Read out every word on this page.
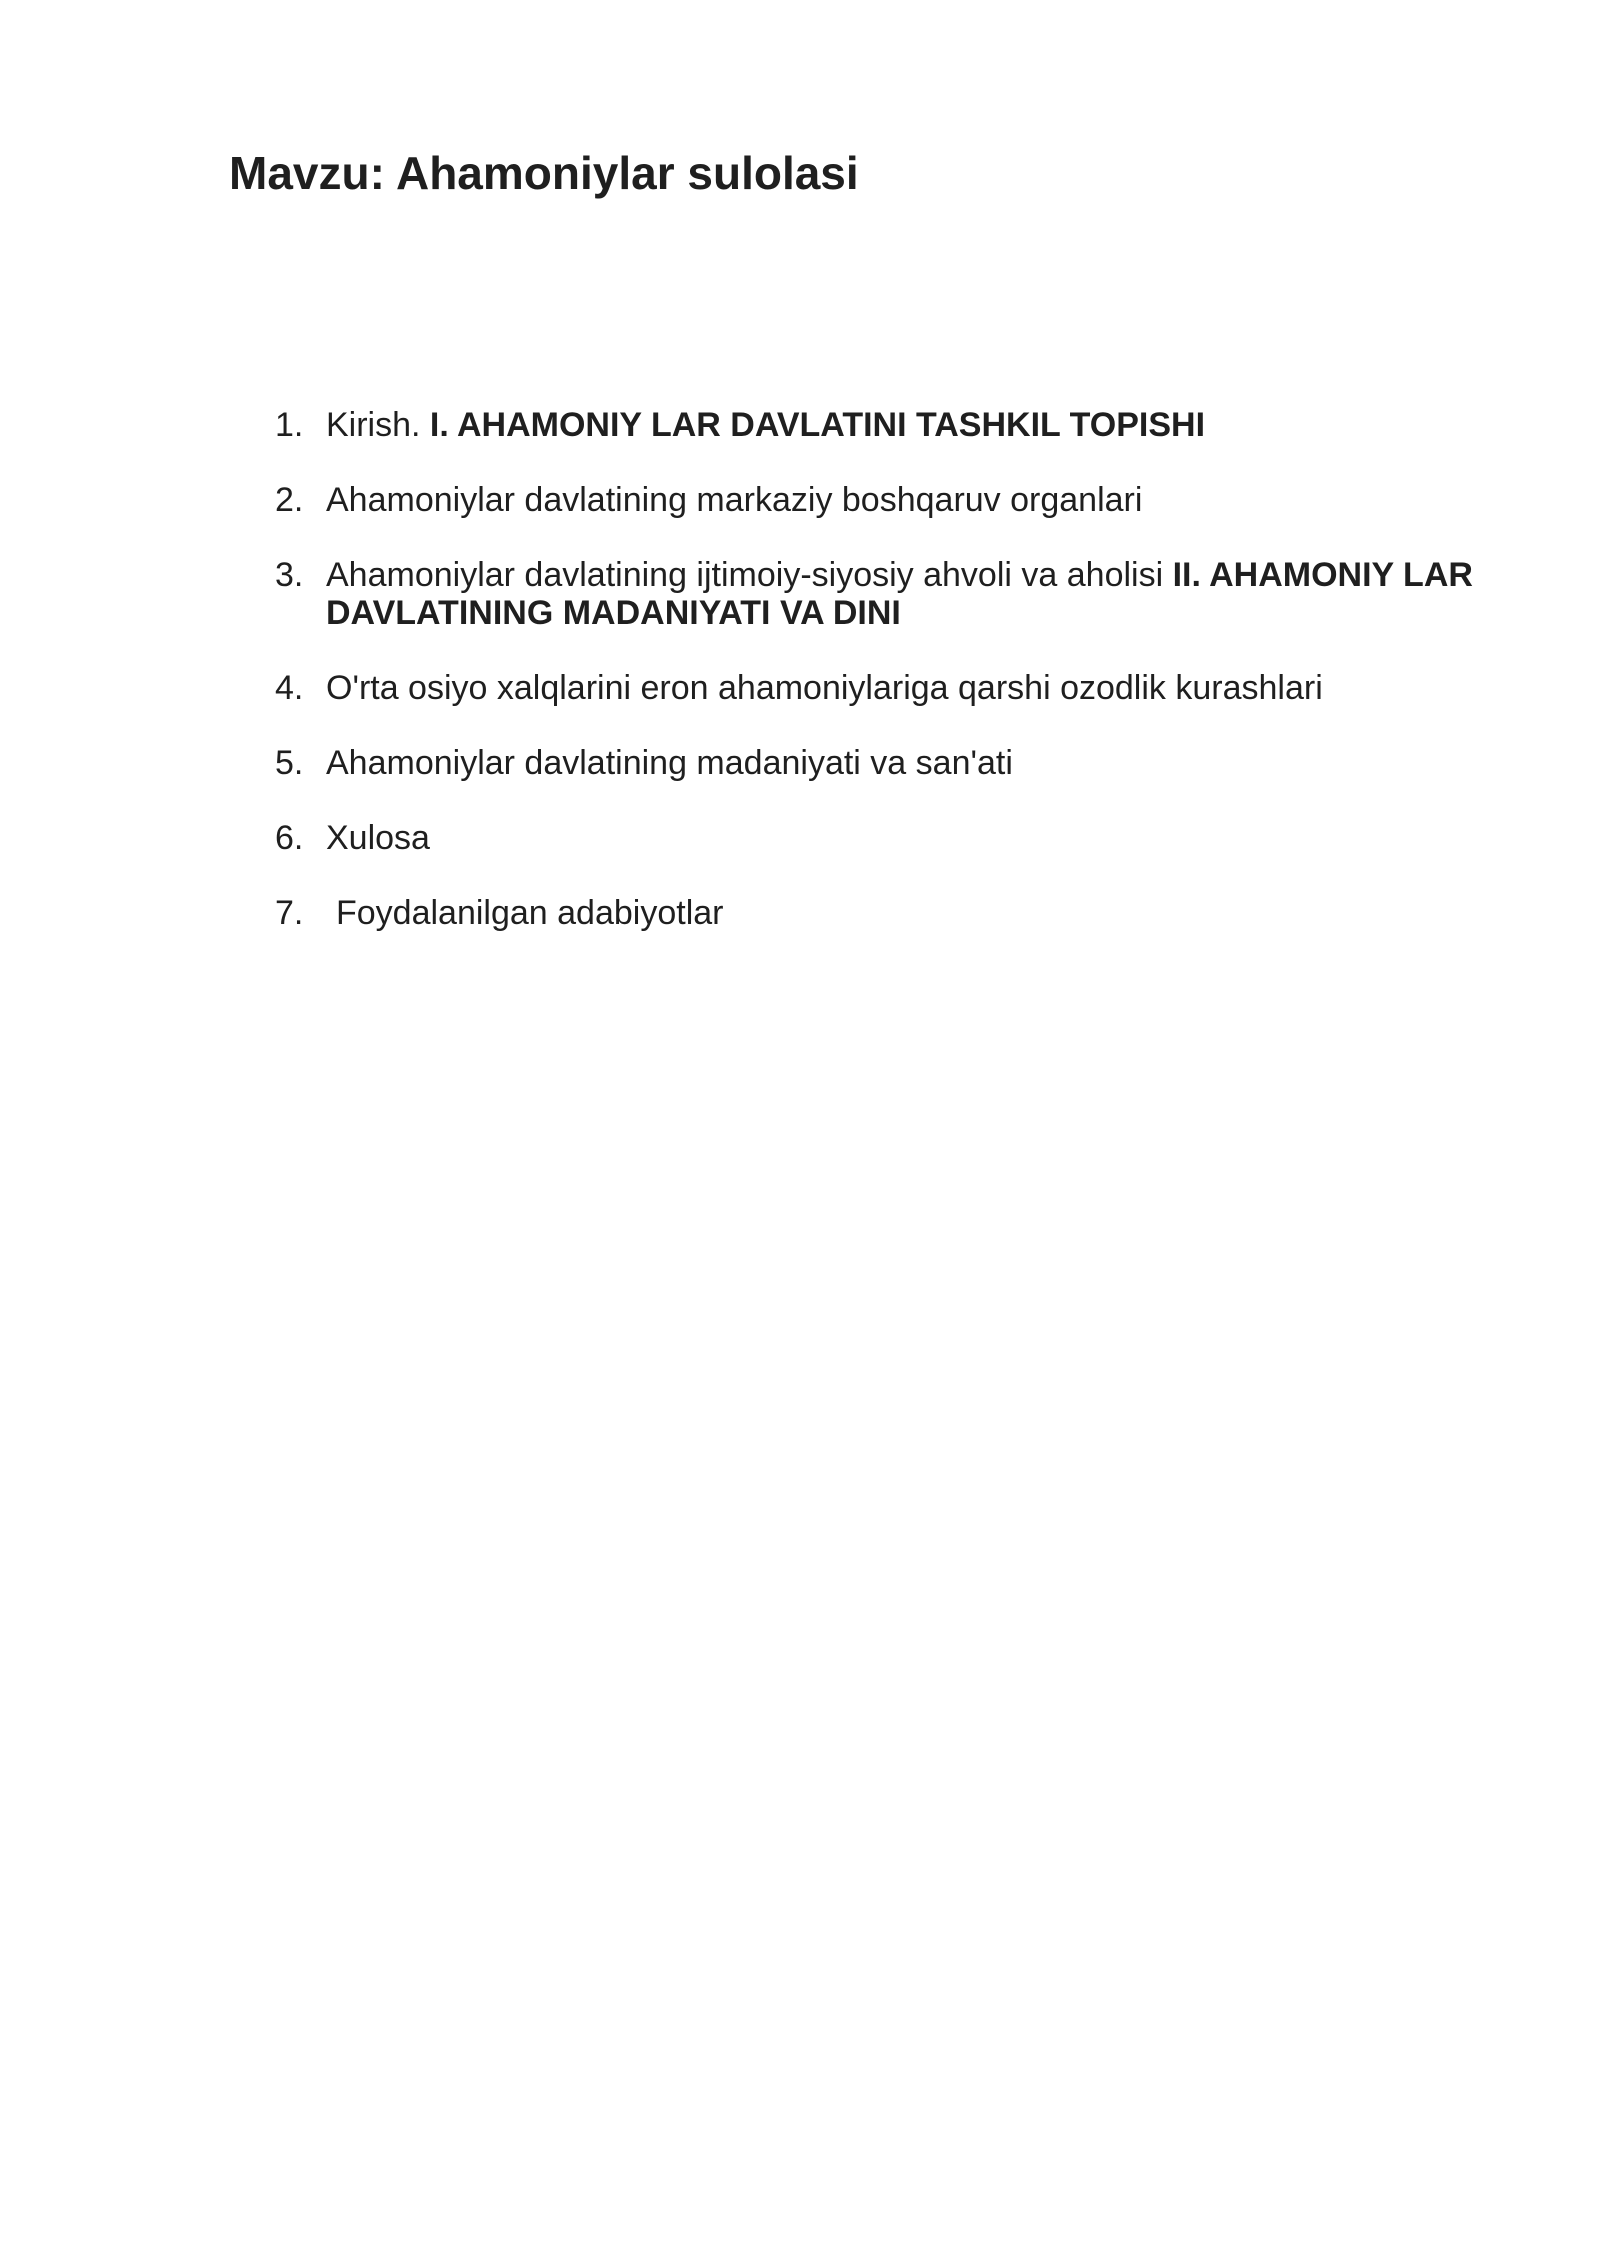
Mavzu: Ahamoniylar sulolasi
1. Kirish. I. AHAMONIY LAR DAVLATINI TASHKIL TOPISHI
2. Ahamoniylar davlatining markaziy boshqaruv organlari
3. Ahamoniylar davlatining ijtimoiy-siyosiy ahvoli va aholisi II. AHAMONIY LAR DAVLATINING MADANIYATI VA DINI
4. O'rta osiyo xalqlarini eron ahamoniylariga qarshi ozodlik kurashlari
5. Ahamoniylar davlatining madaniyati va san'ati
6. Xulosa
7. Foydalanilgan adabiyotlar
